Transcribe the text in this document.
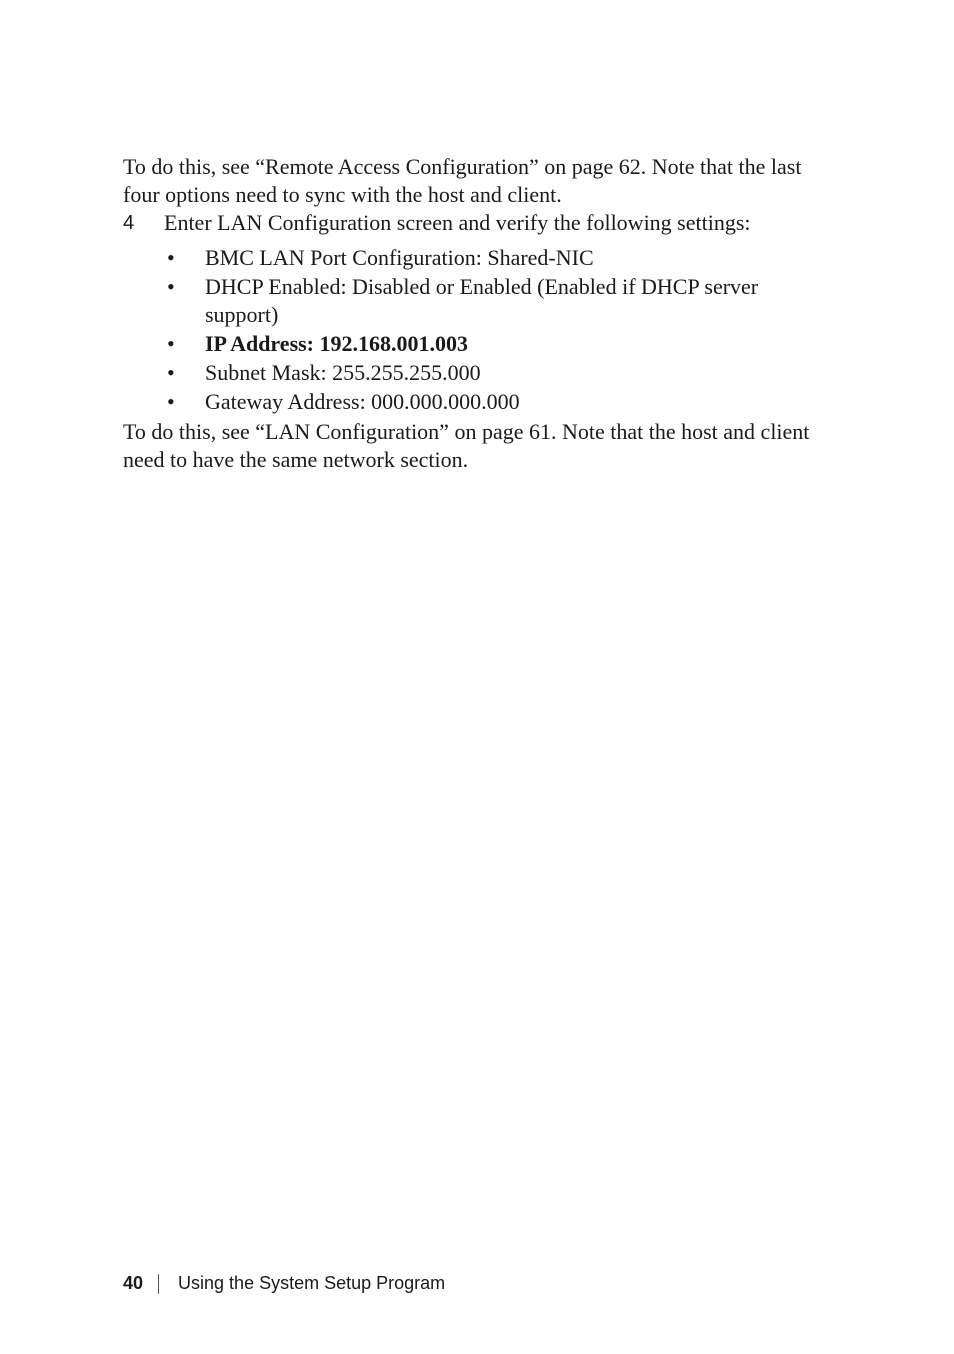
To do this, see “Remote Access Configuration” on page 62. Note that the last four options need to sync with the host and client.

4 Enter LAN Configuration screen and verify the following settings:
• BMC LAN Port Configuration: Shared-NIC
• DHCP Enabled: Disabled or Enabled (Enabled if DHCP server support)
• IP Address: 192.168.001.003
• Subnet Mask: 255.255.255.000
• Gateway Address: 000.000.000.000

To do this, see “LAN Configuration” on page 61. Note that the host and client need to have the same network section.

40 Using the System Setup Program
